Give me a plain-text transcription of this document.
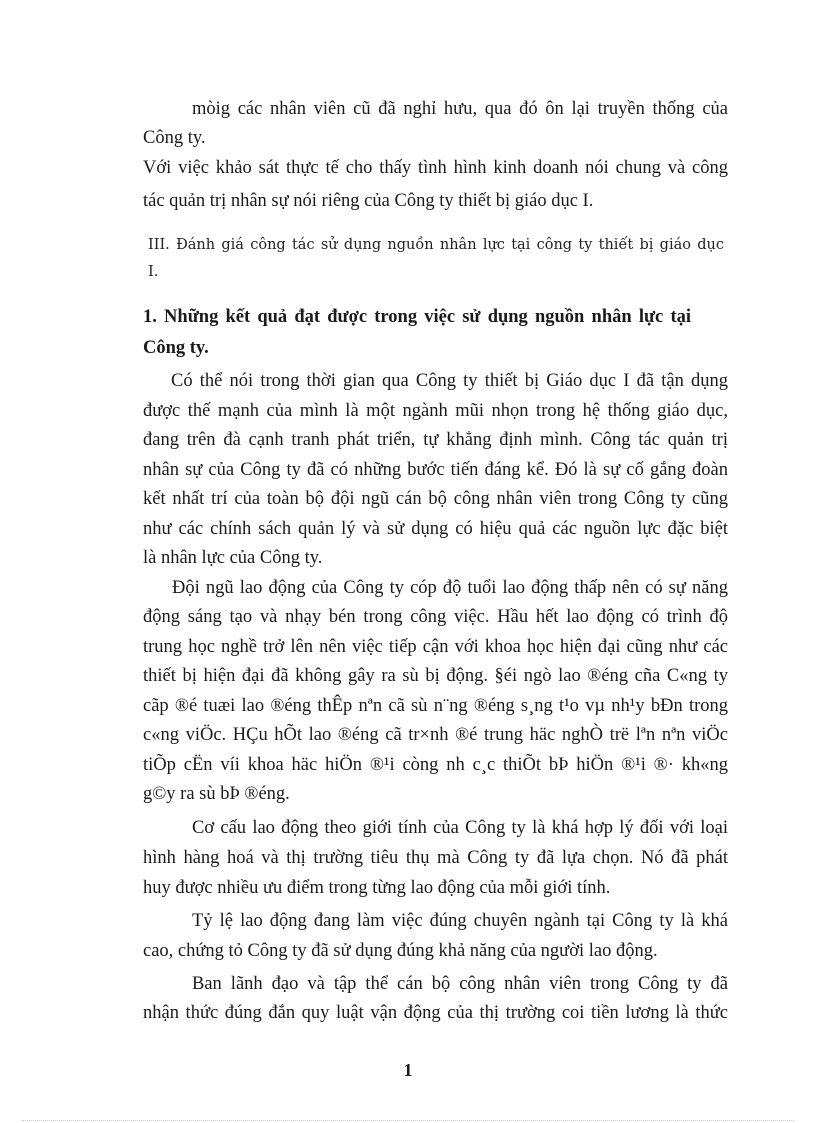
mòig các nhân viên cũ đã nghỉ hưu, qua đó ôn lại truyền thống của
Công ty.
Với việc khảo sát thực tế cho thấy tình hình kinh doanh nói chung và công
tác quản trị nhân sự nói riêng của Công ty thiết bị giáo dục I.
III. Đánh giá công tác sử dụng nguồn nhân lực tại công ty thiết bị giáo dục
I.
1. Những kết quả đạt được trong việc sử dụng nguồn nhân lực tại
Công ty.
Có thể nói trong thời gian qua Công ty thiết bị Giáo dục I đã tận dụng
được thế mạnh của mình là một ngành mũi nhọn trong hệ thống giáo dục,
đang trên đà cạnh tranh phát triển, tự khẳng định mình. Công tác quản trị
nhân sự của Công ty đã có những bước tiến đáng kể. Đó là sự cố gắng đoàn
kết nhất trí của toàn bộ đội ngũ cán bộ công nhân viên trong Công ty cũng
như các chính sách quản lý và sử dụng có hiệu quả các nguồn lực đặc biệt
là nhân lực của Công ty.
Đội ngũ lao động của Công ty cóp độ tuổi lao động thấp nên có sự năng
động sáng tạo và nhạy bén trong công việc. Hầu hết lao động có trình độ
trung học nghề trở lên nên việc tiếp cận với khoa học hiện đại cũng như các
thiết bị hiện đại đã không gây ra sù bị động. §éi ngò lao ®éng cña C«ng ty
cãp ®é tuæi lao ®éng thÊp nªn cã sù n¨ng ®éng s¸ng t¹o vµ nh¹y bÐn trong
c«ng viÖc. HÇu hÕt lao ®éng cã tr×nh ®é trung häc nghÒ trë lªn nªn viÖc
tiÕp cËn víi khoa häc hiÖn ®¹i còng nh c¸c thiÕt bÞ hiÖn ®¹i ®· kh«ng
g©y ra sù bÞ ®éng.
Cơ cấu lao động theo giới tính của Công ty là khá hợp lý đối với loại
hình hàng hoá và thị trường tiêu thụ mà Công ty đã lựa chọn. Nó đã phát
huy được nhiều ưu điểm trong từng lao động của mỗi giới tính.
Tỷ lệ lao động đang làm việc đúng chuyên ngành tại Công ty là khá
cao, chứng tỏ Công ty đã sử dụng đúng khả năng của người lao động.
Ban lãnh đạo và tập thể cán bộ công nhân viên trong Công ty đã
nhận thức đúng đắn quy luật vận động của thị trường coi tiền lương là thức
1
